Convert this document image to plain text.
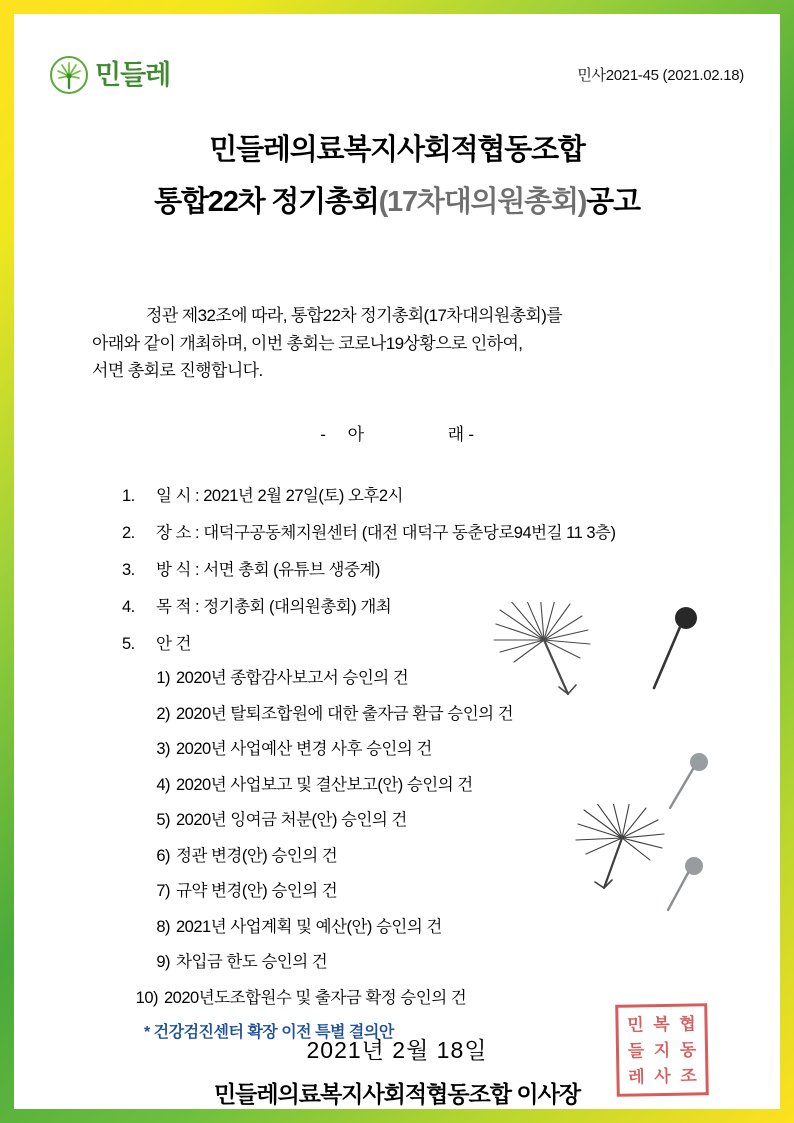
민들레	민사2021-45 (2021.02.18)
민들레의료복지사회적협동조합
통합22차 정기총회(17차대의원총회)공고
정관 제32조에 따라, 통합22차 정기총회(17차대의원총회)를
아래와 같이 개최하며, 이번 총회는 코로나19상황으로 인하여,
서면 총회로 진행합니다.
- 아	래 -
1.	일 시 : 2021년 2월 27일(토) 오후2시
2.	장 소 : 대덕구공동체지원센터 (대전 대덕구 동춘당로94번길 11 3층)
3.	방 식 : 서면 총회 (유튜브 생중계)
4.	목 적 : 정기총회 (대의원총회) 개최
5.	안 건
1) 2020년 종합감사보고서 승인의 건
2) 2020년 탈퇴조합원에 대한 출자금 환급 승인의 건
3) 2020년 사업예산 변경 사후 승인의 건
4) 2020년 사업보고 및 결산보고(안) 승인의 건
5) 2020년 잉여금 처분(안) 승인의 건
6) 정관 변경(안) 승인의 건
7) 규약 변경(안) 승인의 건
8) 2021년 사업계획 및 예산(안) 승인의 건
9) 차입금 한도 승인의 건
10) 2020년도조합원수 및 출자금 확정 승인의 건
* 건강검진센터 확장 이전 특별 결의안
2021년 2월 18일
민들레의료복지사회적협동조합 이사장
민 복 협
들 지 동
레 사 조
